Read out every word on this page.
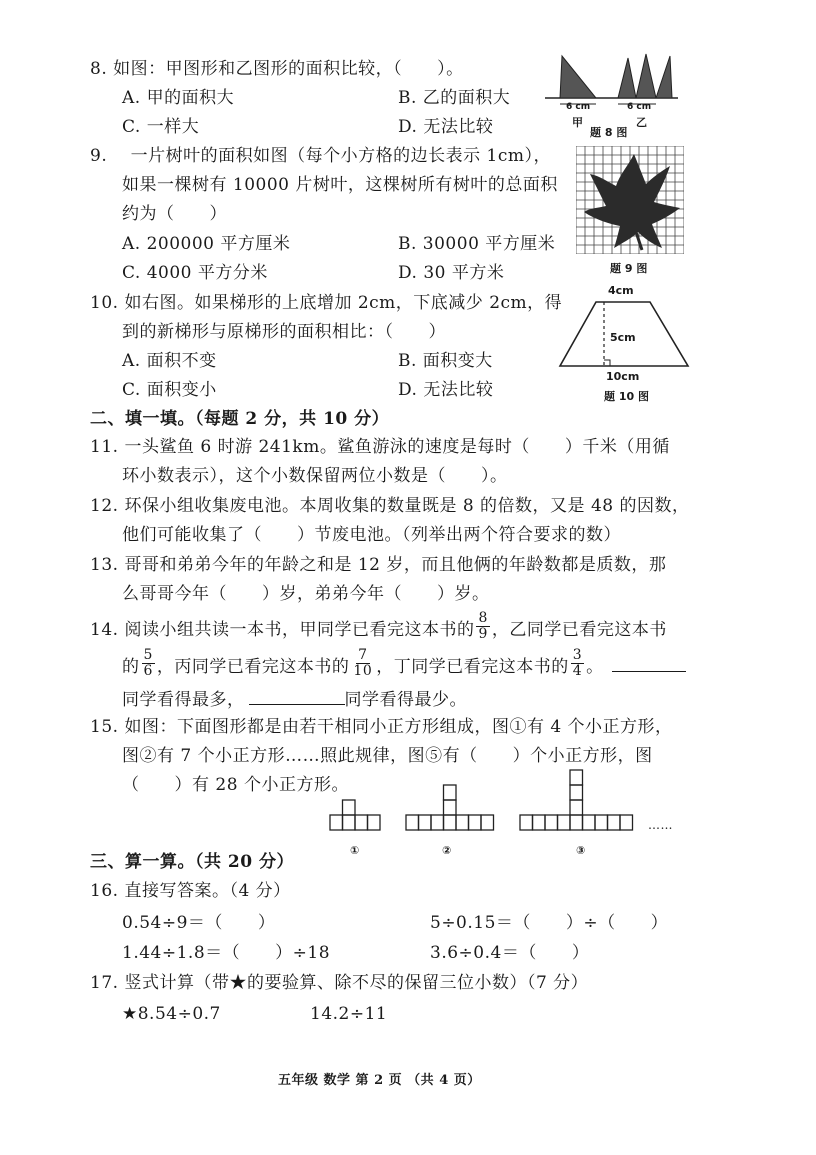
8. 如图：甲图形和乙图形的面积比较，（　　）。
A. 甲的面积大	B. 乙的面积大
C. 一样大	D. 无法比较
6 cm	6 cm
甲	乙
题 8 图
9.　 一片树叶的面积如图（每个小方格的边长表示 1cm），
如果一棵树有 10000 片树叶，这棵树所有树叶的总面积
约为（　　）
A. 200000 平方厘米	B. 30000 平方厘米
C. 4000 平方分米	D. 30 平方米	题 9 图
10. 如右图。如果梯形的上底增加 2cm，下底减少 2cm，得
到的新梯形与原梯形的面积相比：（　　）
A. 面积不变	B. 面积变大
C. 面积变小	D. 无法比较
4cm
5cm
10cm
题 10 图
二、填一填。（每题 2 分，共 10 分）
11. 一头鲨鱼 6 时游 241km。鲨鱼游泳的速度是每时（　　）千米（用循
环小数表示），这个小数保留两位小数是（　　）。
12. 环保小组收集废电池。本周收集的数量既是 8 的倍数，又是 48 的因数，
他们可能收集了（　　）节废电池。（列举出两个符合要求的数）
13. 哥哥和弟弟今年的年龄之和是 12 岁，而且他俩的年龄数都是质数，那
么哥哥今年（　　）岁，弟弟今年（　　）岁。
14. 阅读小组共读一本书，甲同学已看完这本书的 $\frac{8}{9}$ ，乙同学已看完这本书
的 $\frac{5}{6}$ ，丙同学已看完这本书的 $\frac{7}{10}$ ，丁同学已看完这本书的 $\frac{3}{4}$ 。
同学看得最多，	同学看得最少。
15. 如图：下面图形都是由若干相同小正方形组成，图①有 4 个小正方形，
图②有 7 个小正方形……照此规律，图⑤有（　　）个小正方形，图
（　　）有 28 个小正方形。
……
①	②	③
三、算一算。（共 20 分）
16. 直接写答案。（4 分）
0.54÷9＝（　　）	5÷0.15＝（　　）÷（　　）
1.44÷1.8＝（　　）÷18	3.6÷0.4＝（　　）
17. 竖式计算（带★的要验算、除不尽的保留三位小数）（7 分）
★8.54÷0.7	14.2÷11
五年级 数学 第 2 页 （共 4 页）
